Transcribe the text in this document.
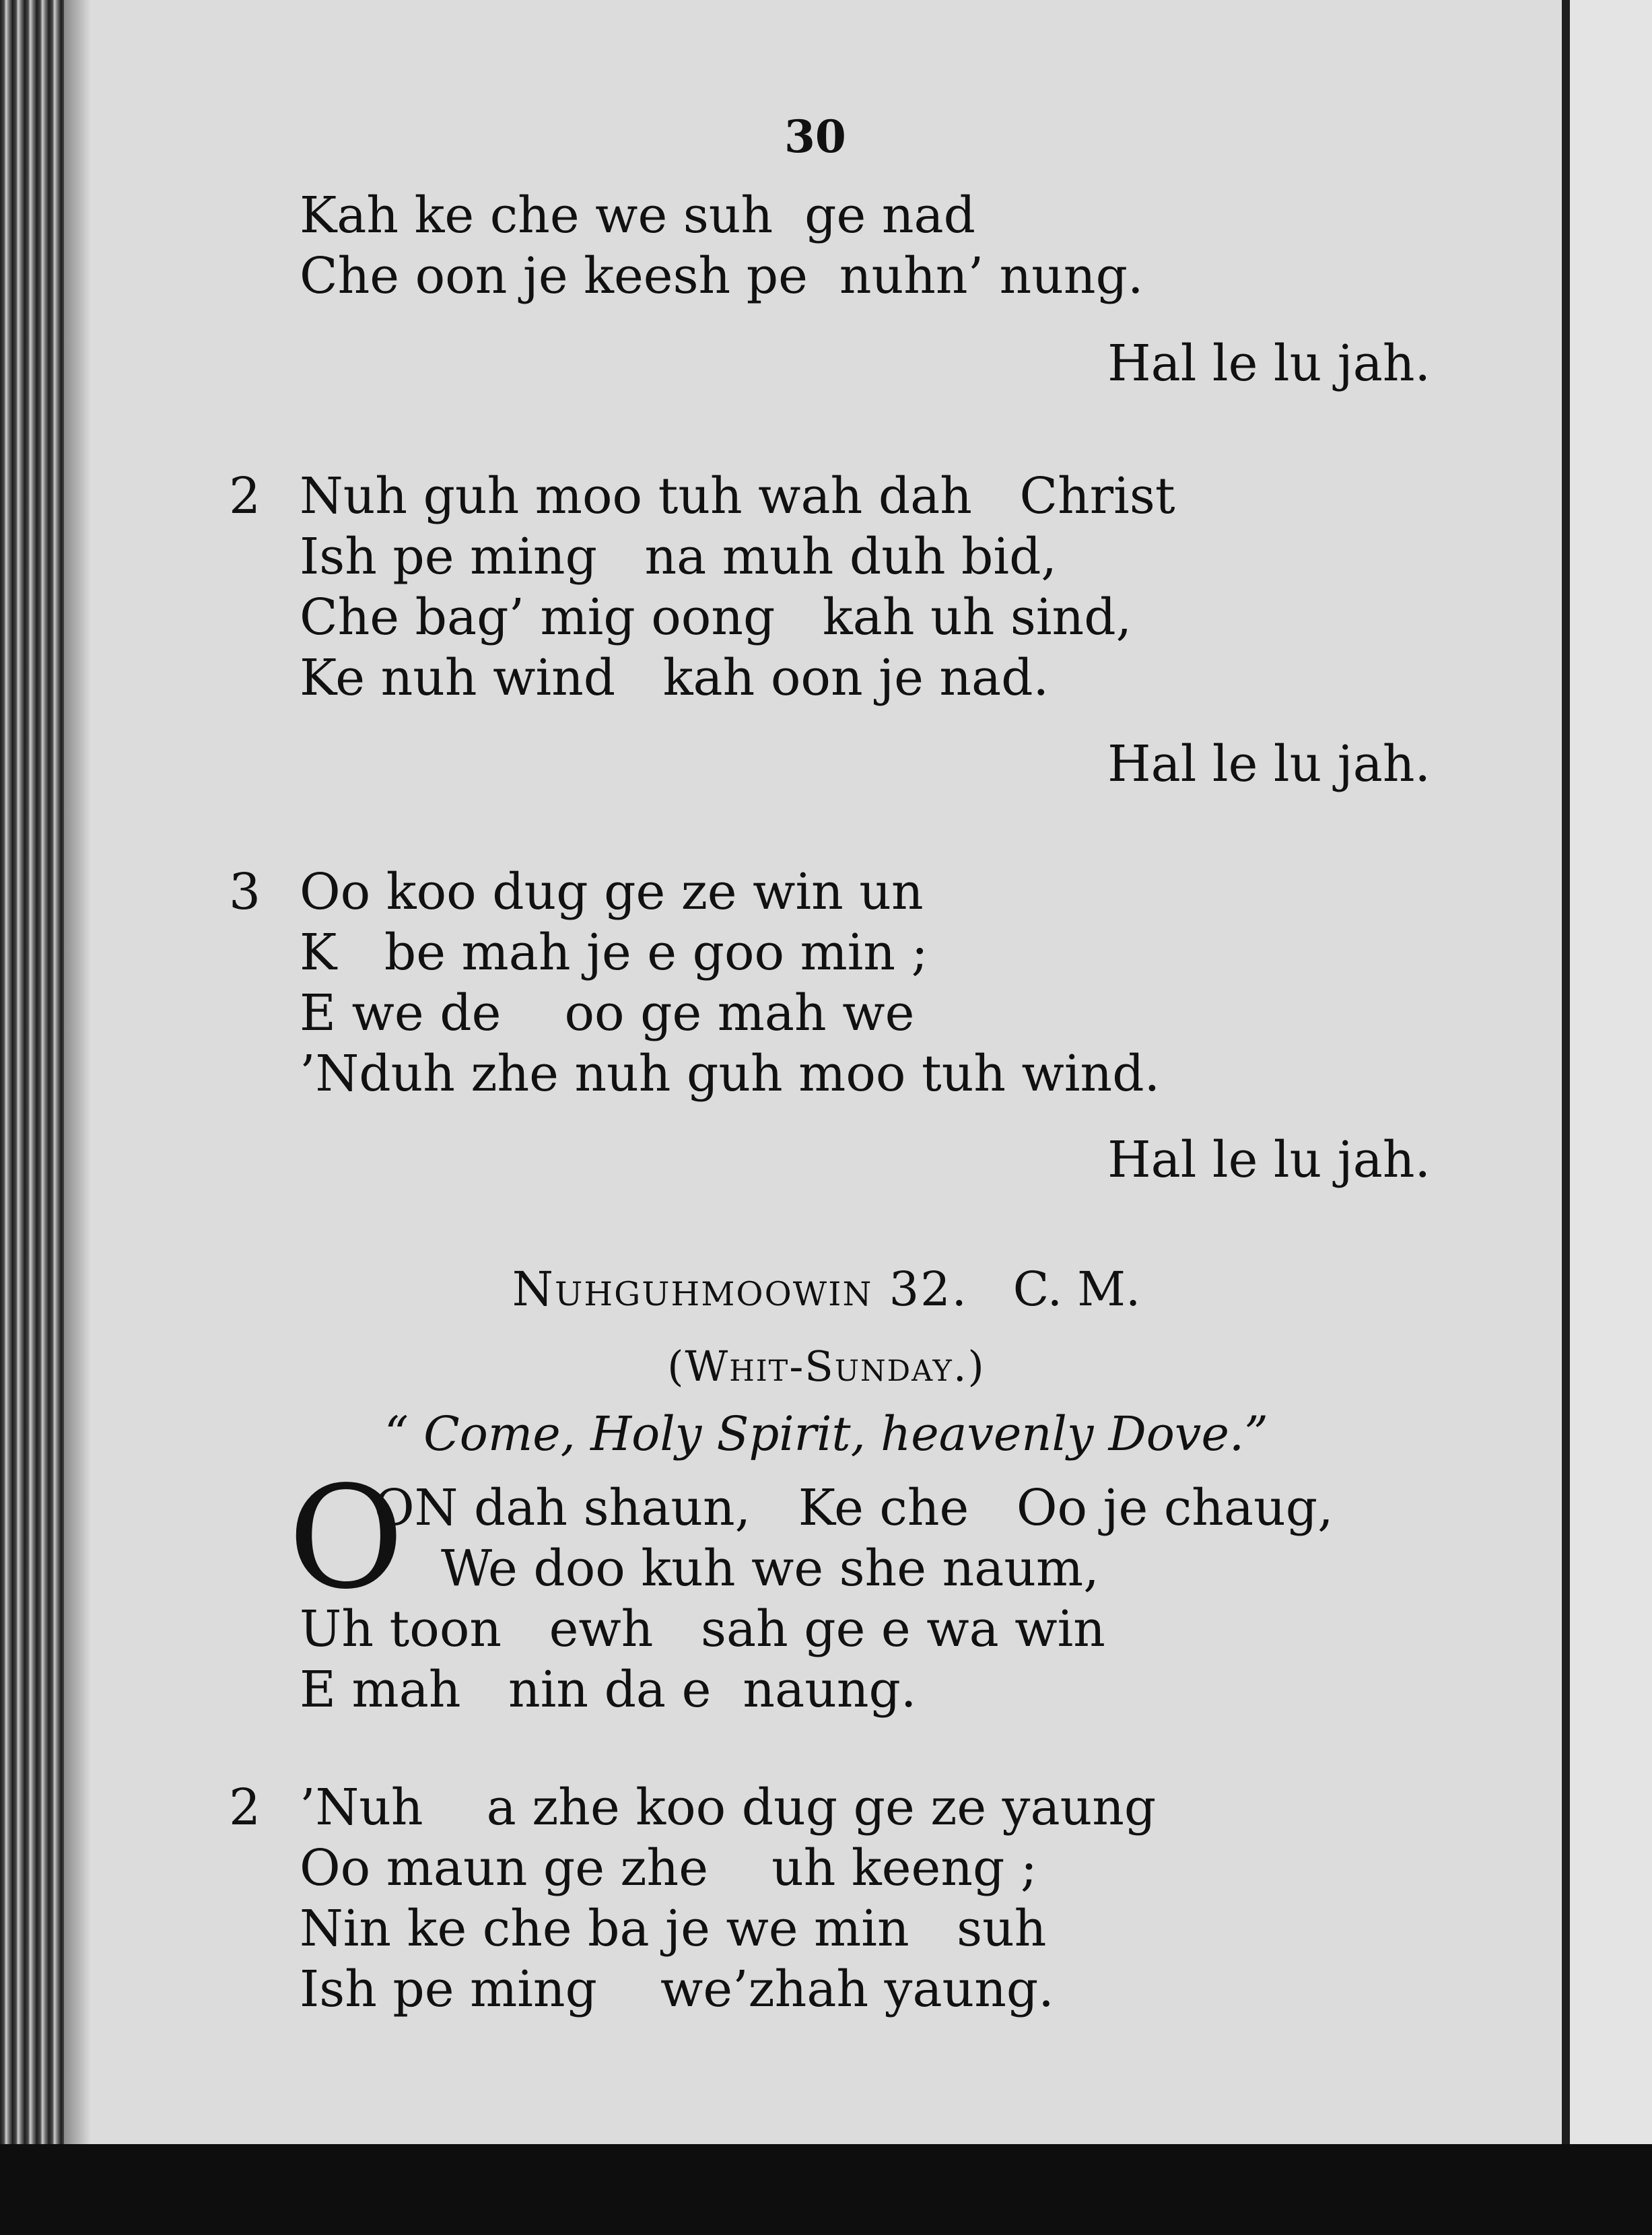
30
Kah ke che we suh  ge nad
Che oon je keesh pe  nuhn’ nung.
Hal le lu jah.
2 Nuh guh moo tuh wah dah   Christ
Ish pe ming   na muh duh bid,
Che bag’ mig oong   kah uh sind,
Ke nuh wind   kah oon je nad.
Hal le lu jah.
3 Oo koo dug ge ze win un
K   be mah je e goo min ;
E we de    oo ge mah we
’Nduh zhe nuh guh moo tuh wind.
Hal le lu jah.
Nuhguhmoowin 32. C. M.
(Whit-Sunday.)
“ Come, Holy Spirit, heavenly Dove.”
O
ON dah shaun,   Ke che   Oo je chaug,
We doo kuh we she naum,
Uh toon   ewh   sah ge e wa win
E mah   nin da e  naung.
2 ’Nuh    a zhe koo dug ge ze yaung
Oo maun ge zhe    uh keeng ;
Nin ke che ba je we min   suh
Ish pe ming    we’zhah yaung.
